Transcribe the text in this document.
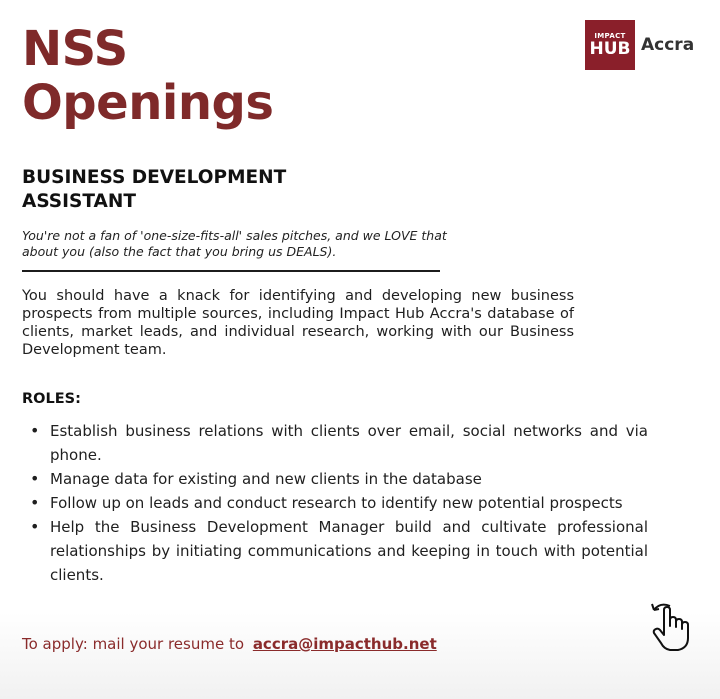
NSS
Openings
IMPACT
HUB Accra
BUSINESS DEVELOPMENT
ASSISTANT
You're not a fan of 'one-size-fits-all' sales pitches, and we LOVE that about you (also the fact that you bring us DEALS).
You should have a knack for identifying and developing new business prospects from multiple sources, including Impact Hub Accra's database of clients, market leads, and individual research, working with our Business Development team.
ROLES:
• Establish business relations with clients over email, social networks and via phone.
• Manage data for existing and new clients in the database
• Follow up on leads and conduct research to identify new potential prospects
• Help the Business Development Manager build and cultivate professional relationships by initiating communications and keeping in touch with potential clients.
To apply: mail your resume to accra@impacthub.net
